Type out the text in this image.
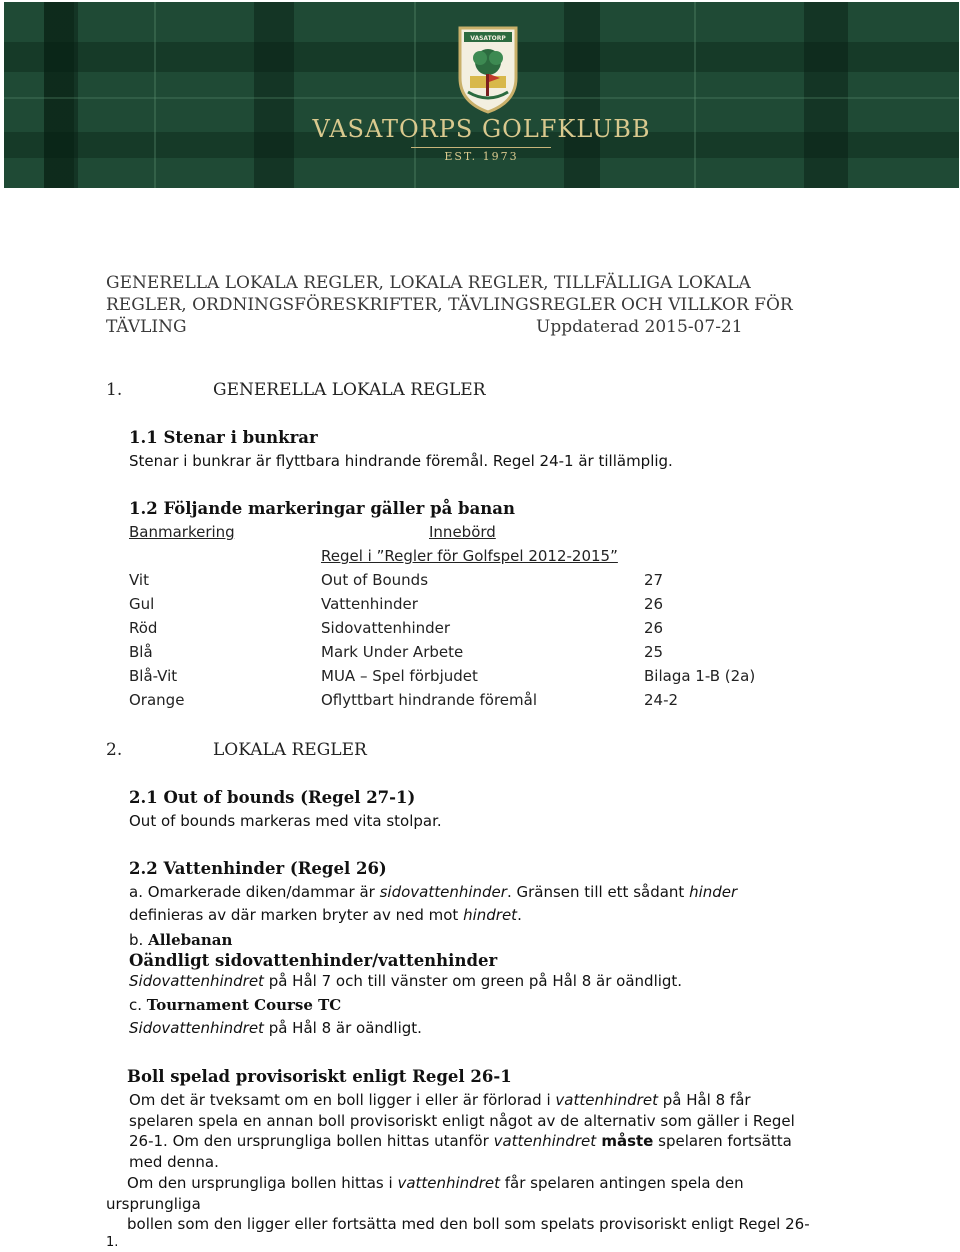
VASATORP
VASATORPS GOLFKLUBB
EST. 1973
GENERELLA LOKALA REGLER, LOKALA REGLER, TILLFÄLLIGA LOKALA
REGLER, ORDNINGSFÖRESKRIFTER, TÄVLINGSREGLER OCH VILLKOR FÖR
TÄVLING	Uppdaterad 2015-07-21
1.	GENERELLA LOKALA REGLER
1.1 Stenar i bunkrar
Stenar i bunkrar är flyttbara hindrande föremål. Regel 24-1 är tillämplig.
1.2 Följande markeringar gäller på banan
Banmarkering	Innebörd
Regel i ”Regler för Golfspel 2012-2015”
Vit	Out of Bounds	27
Gul	Vattenhinder	26
Röd	Sidovattenhinder	26
Blå	Mark Under Arbete	25
Blå-Vit	MUA – Spel förbjudet	Bilaga 1-B (2a)
Orange	Oflyttbart hindrande föremål	24-2
2.	LOKALA REGLER
2.1 Out of bounds (Regel 27-1)
Out of bounds markeras med vita stolpar.
2.2 Vattenhinder (Regel 26)
a. Omarkerade diken/dammar är sidovattenhinder. Gränsen till ett sådant hinder
definieras av där marken bryter av ned mot hindret.
b. Allebanan
Oändligt sidovattenhinder/vattenhinder
Sidovattenhindret på Hål 7 och till vänster om green på Hål 8 är oändligt.
c. Tournament Course TC
Sidovattenhindret på Hål 8 är oändligt.
Boll spelad provisoriskt enligt Regel 26-1
Om det är tveksamt om en boll ligger i eller är förlorad i vattenhindret på Hål 8 får
spelaren spela en annan boll provisoriskt enligt något av de alternativ som gäller i Regel
26-1. Om den ursprungliga bollen hittas utanför vattenhindret måste spelaren fortsätta
med denna.
Om den ursprungliga bollen hittas i vattenhindret får spelaren antingen spela den
ursprungliga
bollen som den ligger eller fortsätta med den boll som spelats provisoriskt enligt Regel 26-
1.
